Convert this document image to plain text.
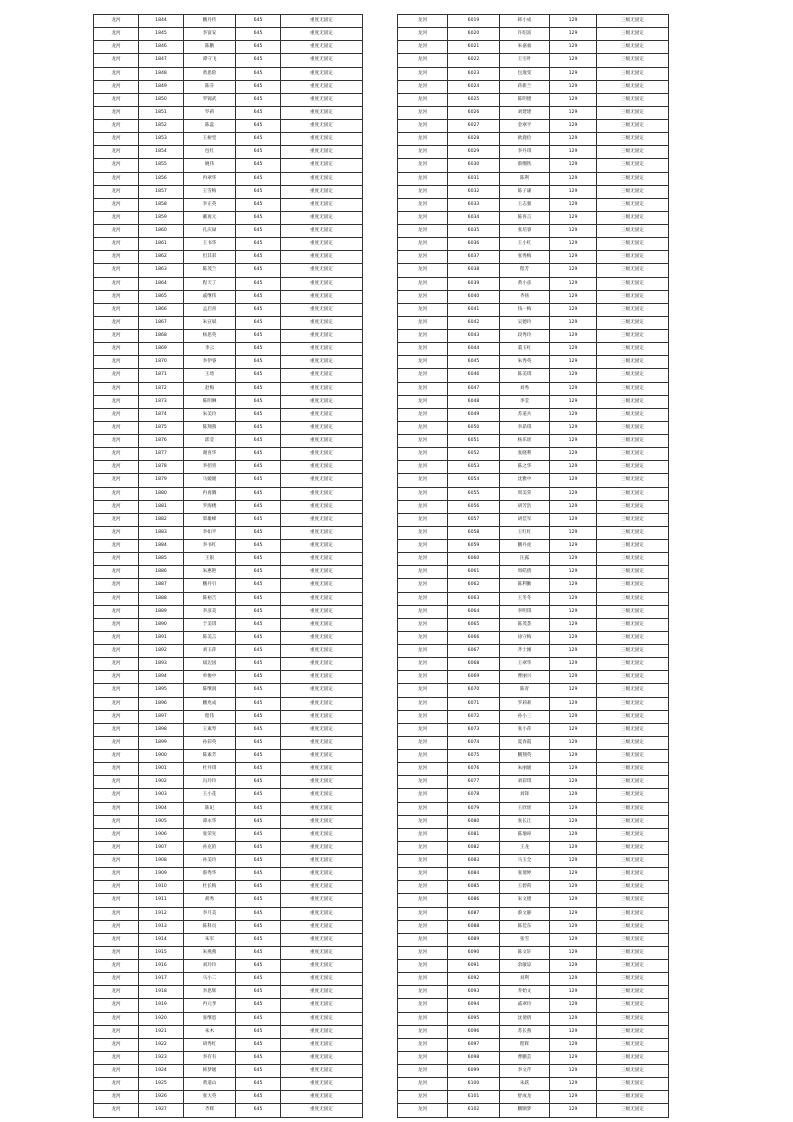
龙河	1844	鹏丹传	645	重度无固定
龙河	1845	李富安	645	重度无固定
龙河	1846	陈鹏	645	重度无固定
龙河	1847	谭守飞	645	重度无固定
龙河	1848	黄思险	645	重度无固定
龙河	1849	陈芬	645	重度无固定
龙河	1850	罗锦武	645	重度无固定
龙河	1851	罗莉	645	重度无固定
龙河	1852	陈蕊	645	重度无固定
龙河	1853	王树堂	645	重度无固定
龙河	1854	包红	645	重度无固定
龙河	1855	姚伟	645	重度无固定
龙河	1856	冉翠华	645	重度无固定
龙河	1857	王雪梅	645	重度无固定
龙河	1858	李正英	645	重度无固定
龙河	1859	戴再元	645	重度无固定
龙河	1860	孔庆碌	645	重度无固定
龙河	1861	王书华	645	重度无固定
龙河	1862	但其彩	645	重度无固定
龙河	1863	陈茂兰	645	重度无固定
龙河	1864	程天丁	645	重度无固定
龙河	1865	戚继伟	645	重度无固定
龙河	1866	孟启喜	645	重度无固定
龙河	1867	朱宣斌	645	重度无固定
龙河	1868	杨思英	645	重度无固定
龙河	1869	李云	645	重度无固定
龙河	1870	李伊睿	645	重度无固定
龙河	1871	王琦	645	重度无固定
龙河	1872	赵梅	645	重度无固定
龙河	1873	陈明琳	645	重度无固定
龙河	1874	朱美玲	645	重度无固定
龙河	1875	陈翔燕	645	重度无固定
龙河	1876	邱莹	645	重度无固定
龙河	1877	谢喜华	645	重度无固定
龙河	1878	李招青	645	重度无固定
龙河	1879	马媛媛	645	重度无固定
龙河	1880	冉再腾	645	重度无固定
龙河	1881	罗海楼	645	重度无固定
龙河	1882	覃雄峰	645	重度无固定
龙河	1883	李如平	645	重度无固定
龙河	1884	李书红	645	重度无固定
龙河	1885	王银	645	重度无固定
龙河	1886	朱惠艳	645	重度无固定
龙河	1887	鹏丹引	645	重度无固定
龙河	1888	陈裕吉	645	重度无固定
龙河	1889	李彦美	645	重度无固定
龙河	1890	于美琪	645	重度无固定
龙河	1891	陈美言	645	重度无固定
龙河	1892	刘玉萍	645	重度无固定
龙河	1893	斌迈国	645	重度无固定
龙河	1894	单俊中	645	重度无固定
龙河	1895	陈继润	645	重度无固定
龙河	1896	鹏兆成	645	重度无固定
龙河	1897	程伟	645	重度无固定
龙河	1898	王素琴	645	重度无固定
龙河	1899	孙彩英	645	重度无固定
龙河	1900	陈素芳	645	重度无固定
龙河	1901	杜丹琪	645	重度无固定
龙河	1902	冯玲玲	645	重度无固定
龙河	1903	王小花	645	重度无固定
龙河	1904	陈妃	645	重度无固定
龙河	1905	谭永华	645	重度无固定
龙河	1906	张荣先	645	重度无固定
龙河	1907	孙克的	645	重度无固定
龙河	1908	孙美玲	645	重度无固定
龙河	1909	蔡秀华	645	重度无固定
龙河	1910	杜长梅	645	重度无固定
龙河	1911	胡秀	645	重度无固定
龙河	1912	李月美	645	重度无固定
龙河	1913	陈科员	645	重度无固定
龙河	1914	朱军	645	重度无固定
龙河	1915	朱燕燕	645	重度无固定
龙河	1916	刘玲玲	645	重度无固定
龙河	1917	马小二	645	重度无固定
龙河	1918	李思辉	645	重度无固定
龙河	1919	冉元孝	645	重度无固定
龙河	1920	张继恩	645	重度无固定
龙河	1921	朱木	645	重度无固定
龙河	1922	胡秀红	645	重度无固定
龙河	1923	李有有	645	重度无固定
龙河	1924	韩梦媛	645	重度无固定
龙河	1925	黄道山	645	重度无固定
龙河	1926	张大英	645	重度无固定
龙河	1927	齐辉	645	重度无固定
龙河	6019	韩小成	129	三级无固定
龙河	6020	许绍富	129	三级无固定
龙河	6021	朱嘉昶	129	三级无固定
龙河	6022	王引叶	129	三级无固定
龙河	6023	包逸雯	129	三级无固定
龙河	6024	蒋新兰	129	三级无固定
龙河	6025	陈明德	129	三级无固定
龙河	6026	刘建建	129	三级无固定
龙河	6027	金翠平	129	三级无固定
龙河	6028	欧鹿俭	129	三级无固定
龙河	6029	李丹琪	129	三级无固定
龙河	6030	蔡绷铁	129	三级无固定
龙河	6031	陈利	129	三级无固定
龙河	6032	陈子谦	129	三级无固定
龙河	6033	王志强	129	三级无固定
龙河	6034	陈喜言	129	三级无固定
龙河	6035	张培睿	129	三级无固定
龙河	6036	王小红	129	三级无固定
龙河	6037	张秀梅	129	三级无固定
龙河	6038	程芳	129	三级无固定
龙河	6039	黄小彦	129	三级无固定
龙河	6040	齐扬	129	三级无固定
龙河	6041	钱一梅	129	三级无固定
龙河	6042	吴德玲	129	三级无固定
龙河	6043	段秀玲	129	三级无固定
龙河	6044	董玉红	129	三级无固定
龙河	6045	朱秀英	129	三级无固定
龙河	6046	陈美琪	129	三级无固定
龙河	6047	刘秀	129	三级无固定
龙河	6048	李莹	129	三级无固定
龙河	6049	苏道兵	129	三级无固定
龙河	6050	李昂琪	129	三级无固定
龙河	6051	杨乐瑶	129	三级无固定
龙河	6052	张晓利	129	三级无固定
龙河	6053	陈之华	129	三级无固定
龙河	6054	沈雅中	129	三级无固定
龙河	6055	周美荣	129	三级无固定
龙河	6056	胡芳浩	129	三级无固定
龙河	6057	胡佳军	129	三级无固定
龙河	6058	王红红	129	三级无固定
龙河	6059	鹏丹虎	129	三级无固定
龙河	6060	汪露	129	三级无固定
龙河	6061	周皓倩	129	三级无固定
龙河	6062	陈利勤	129	三级无固定
龙河	6063	王冬冬	129	三级无固定
龙河	6064	李明琪	129	三级无固定
龙河	6065	陈茂荟	129	三级无固定
龙河	6066	徐守梅	129	三级无固定
龙河	6067	齐士刚	129	三级无固定
龙河	6068	王翠华	129	三级无固定
龙河	6069	曹丽兴	129	三级无固定
龙河	6070	陈青	129	三级无固定
龙河	6071	罗莉莉	129	三级无固定
龙河	6072	孙小三	129	三级无固定
龙河	6073	张小萍	129	三级无固定
龙河	6074	夏春霞	129	三级无固定
龙河	6075	鹏翔英	129	三级无固定
龙河	6076	朱丽媛	129	三级无固定
龙河	6077	刘彩琪	129	三级无固定
龙河	6078	刘锋	129	三级无固定
龙河	6079	王欣瑶	129	三级无固定
龙河	6080	张长江	129	三级无固定
龙河	6081	陈瑜琸	129	三级无固定
龙河	6082	王龙	129	三级无固定
龙河	6083	马玉全	129	三级无固定
龙河	6084	张倩婷	129	三级无固定
龙河	6085	王碧荷	129	三级无固定
龙河	6086	朱文德	129	三级无固定
龙河	6087	蔡文静	129	三级无固定
龙河	6088	陈佳东	129	三级无固定
龙河	6089	张雪	129	三级无固定
龙河	6090	陈文轩	129	三级无固定
龙河	6091	余敏谅	129	三级无固定
龙河	6092	刘利	129	三级无固定
龙河	6093	乔始文	129	三级无固定
龙河	6094	戚翠玲	129	三级无固定
龙河	6095	沈倩倩	129	三级无固定
龙河	6096	苏长燕	129	三级无固定
龙河	6097	程辉	129	三级无固定
龙河	6098	曹鹏芸	129	三级无固定
龙河	6099	李文芹	129	三级无固定
龙河	6100	朱跃	129	三级无固定
龙河	6101	舒成龙	129	三级无固定
龙河	6102	鹏顺梦	129	三级无固定
